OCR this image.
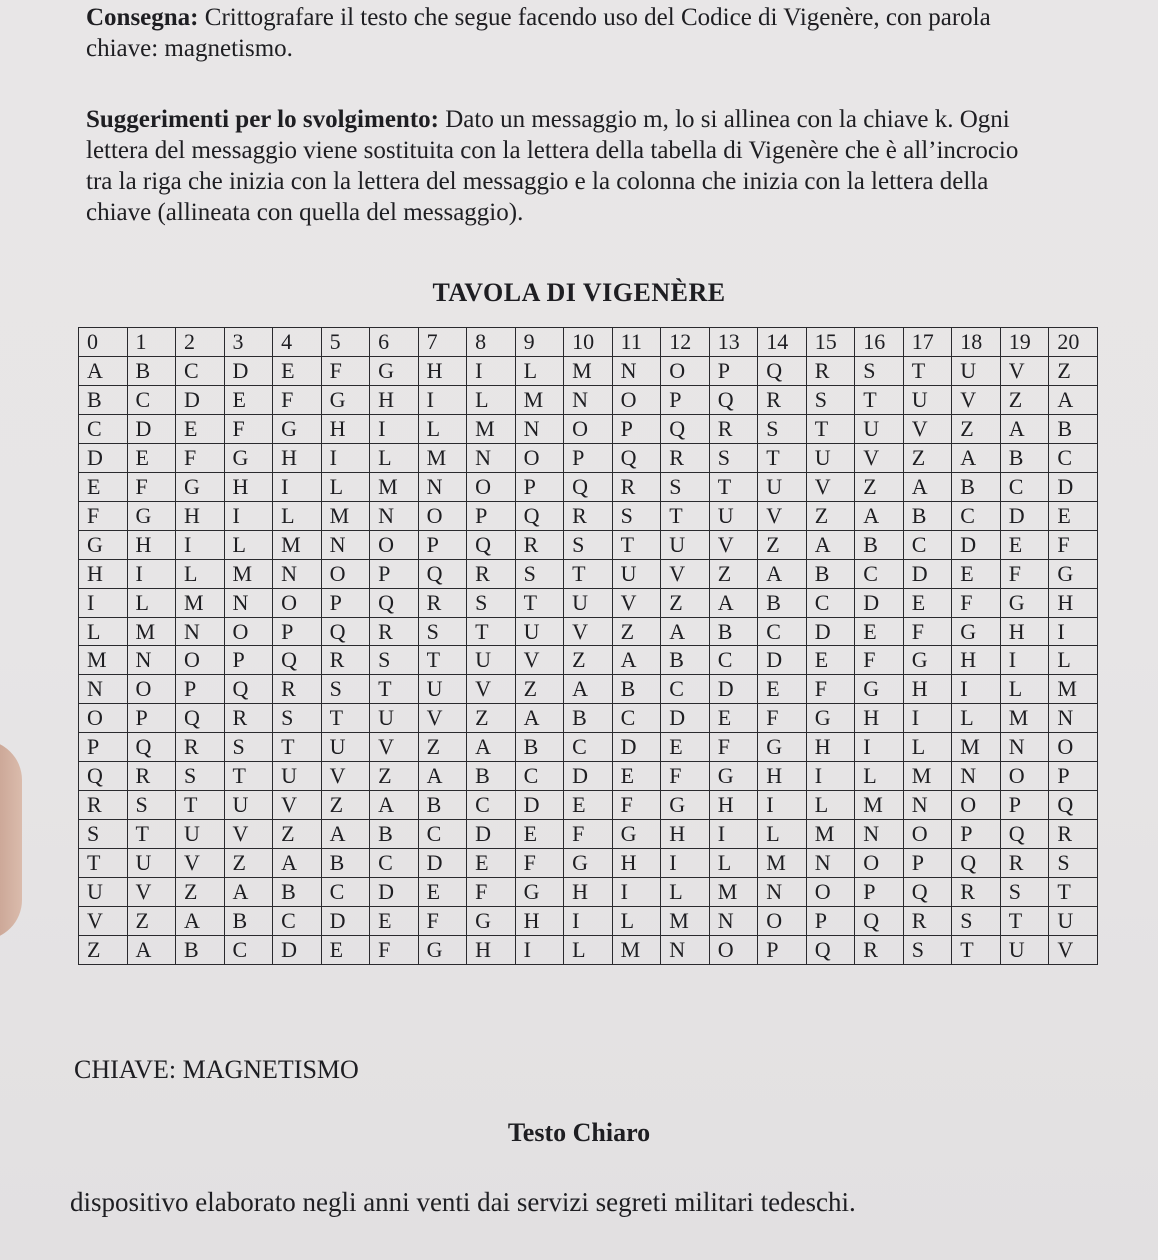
Consegna: Crittografare il testo che segue facendo uso del Codice di Vigenère, con parola chiave: magnetismo.

Suggerimenti per lo svolgimento: Dato un messaggio m, lo si allinea con la chiave k. Ogni lettera del messaggio viene sostituita con la lettera della tabella di Vigenère che è all’incrocio tra la riga che inizia con la lettera del messaggio e la colonna che inizia con la lettera della chiave (allineata con quella del messaggio).

TAVOLA DI VIGENÈRE
0	1	2	3	4	5	6	7	8	9	10	11	12	13	14	15	16	17	18	19	20
A	B	C	D	E	F	G	H	I	L	M	N	O	P	Q	R	S	T	U	V	Z
B	C	D	E	F	G	H	I	L	M	N	O	P	Q	R	S	T	U	V	Z	A
C	D	E	F	G	H	I	L	M	N	O	P	Q	R	S	T	U	V	Z	A	B
D	E	F	G	H	I	L	M	N	O	P	Q	R	S	T	U	V	Z	A	B	C
E	F	G	H	I	L	M	N	O	P	Q	R	S	T	U	V	Z	A	B	C	D
F	G	H	I	L	M	N	O	P	Q	R	S	T	U	V	Z	A	B	C	D	E
G	H	I	L	M	N	O	P	Q	R	S	T	U	V	Z	A	B	C	D	E	F
H	I	L	M	N	O	P	Q	R	S	T	U	V	Z	A	B	C	D	E	F	G
I	L	M	N	O	P	Q	R	S	T	U	V	Z	A	B	C	D	E	F	G	H
L	M	N	O	P	Q	R	S	T	U	V	Z	A	B	C	D	E	F	G	H	I
M	N	O	P	Q	R	S	T	U	V	Z	A	B	C	D	E	F	G	H	I	L
N	O	P	Q	R	S	T	U	V	Z	A	B	C	D	E	F	G	H	I	L	M
O	P	Q	R	S	T	U	V	Z	A	B	C	D	E	F	G	H	I	L	M	N
P	Q	R	S	T	U	V	Z	A	B	C	D	E	F	G	H	I	L	M	N	O
Q	R	S	T	U	V	Z	A	B	C	D	E	F	G	H	I	L	M	N	O	P
R	S	T	U	V	Z	A	B	C	D	E	F	G	H	I	L	M	N	O	P	Q
S	T	U	V	Z	A	B	C	D	E	F	G	H	I	L	M	N	O	P	Q	R
T	U	V	Z	A	B	C	D	E	F	G	H	I	L	M	N	O	P	Q	R	S
U	V	Z	A	B	C	D	E	F	G	H	I	L	M	N	O	P	Q	R	S	T
V	Z	A	B	C	D	E	F	G	H	I	L	M	N	O	P	Q	R	S	T	U
Z	A	B	C	D	E	F	G	H	I	L	M	N	O	P	Q	R	S	T	U	V

CHIAVE: MAGNETISMO

Testo Chiaro

dispositivo elaborato negli anni venti dai servizi segreti militari tedeschi.
